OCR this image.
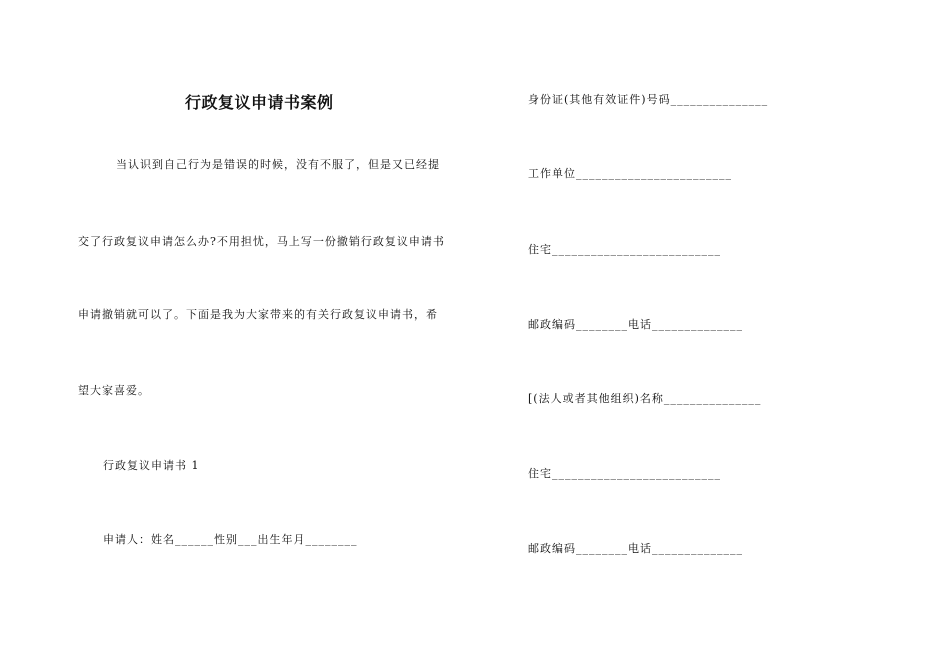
行政复议申请书案例
当认识到自己行为是错误的时候，没有不服了，但是又已经提
交了行政复议申请怎么办?不用担忧，马上写一份撤销行政复议申请书
申请撤销就可以了。下面是我为大家带来的有关行政复议申请书，希
望大家喜爱。
行政复议申请书 1
申请人：姓名______性别___出生年月________
身份证(其他有效证件)号码_______________
工作单位________________________
住宅__________________________
邮政编码________电话______________
[(法人或者其他组织)名称_______________
住宅__________________________
邮政编码________电话______________
